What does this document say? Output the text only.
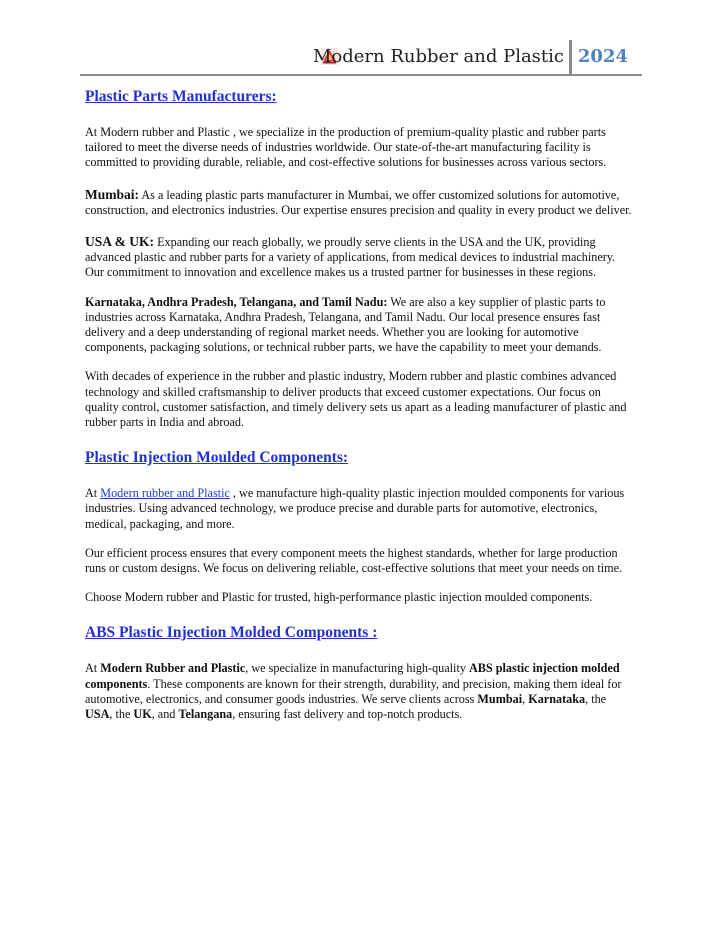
Modern Rubber and Plastic 2024
Plastic Parts Manufacturers:

At Modern rubber and Plastic , we specialize in the production of premium-quality plastic and rubber parts tailored to meet the diverse needs of industries worldwide. Our state-of-the-art manufacturing facility is committed to providing durable, reliable, and cost-effective solutions for businesses across various sectors.

Mumbai: As a leading plastic parts manufacturer in Mumbai, we offer customized solutions for automotive, construction, and electronics industries. Our expertise ensures precision and quality in every product we deliver.

USA & UK: Expanding our reach globally, we proudly serve clients in the USA and the UK, providing advanced plastic and rubber parts for a variety of applications, from medical devices to industrial machinery. Our commitment to innovation and excellence makes us a trusted partner for businesses in these regions.

Karnataka, Andhra Pradesh, Telangana, and Tamil Nadu: We are also a key supplier of plastic parts to industries across Karnataka, Andhra Pradesh, Telangana, and Tamil Nadu. Our local presence ensures fast delivery and a deep understanding of regional market needs. Whether you are looking for automotive components, packaging solutions, or technical rubber parts, we have the capability to meet your demands.

With decades of experience in the rubber and plastic industry, Modern rubber and plastic combines advanced technology and skilled craftsmanship to deliver products that exceed customer expectations. Our focus on quality control, customer satisfaction, and timely delivery sets us apart as a leading manufacturer of plastic and rubber parts in India and abroad.

Plastic Injection Moulded Components:

At Modern rubber and Plastic , we manufacture high-quality plastic injection moulded components for various industries. Using advanced technology, we produce precise and durable parts for automotive, electronics, medical, packaging, and more.

Our efficient process ensures that every component meets the highest standards, whether for large production runs or custom designs. We focus on delivering reliable, cost-effective solutions that meet your needs on time.

Choose Modern rubber and Plastic for trusted, high-performance plastic injection moulded components.

ABS Plastic Injection Molded Components :

At Modern Rubber and Plastic, we specialize in manufacturing high-quality ABS plastic injection molded components. These components are known for their strength, durability, and precision, making them ideal for automotive, electronics, and consumer goods industries. We serve clients across Mumbai, Karnataka, the USA, the UK, and Telangana, ensuring fast delivery and top-notch products.
